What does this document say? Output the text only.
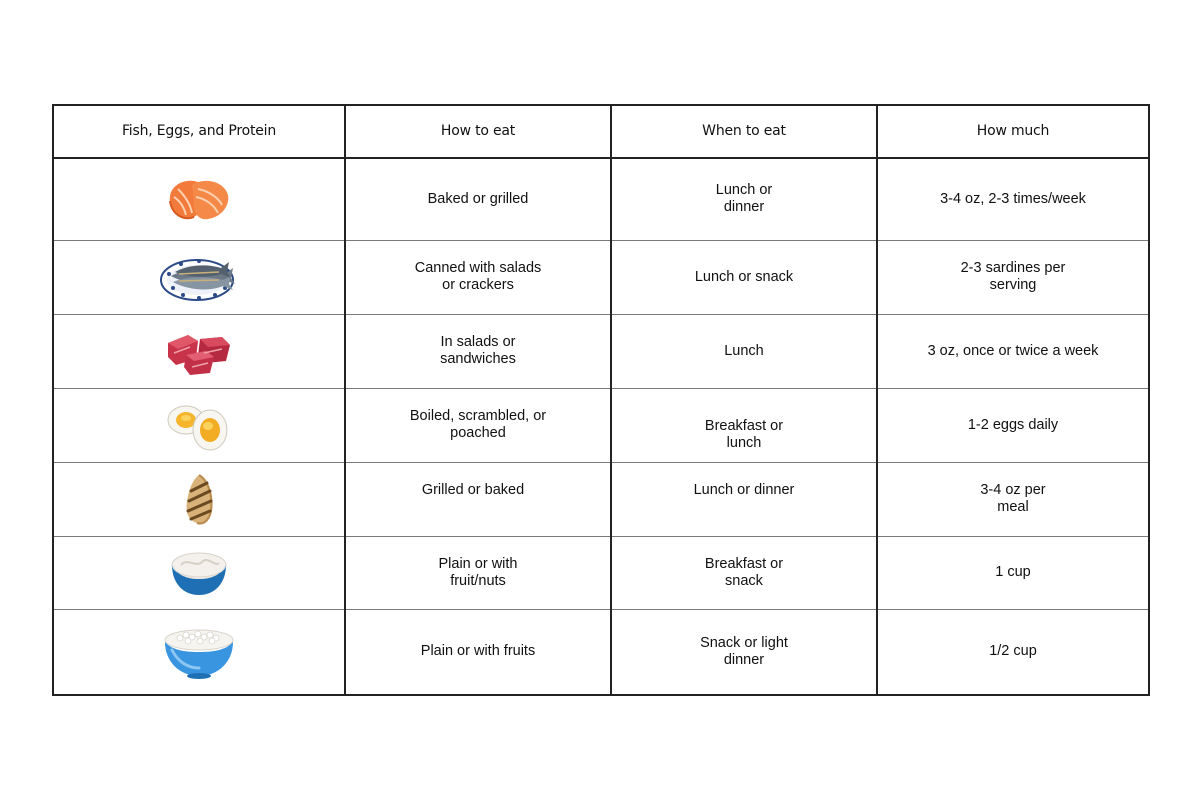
Fish, Eggs, and Protein	How to eat	When to eat	How much

	Baked or grilled	Lunch or
dinner	3-4 oz, 2-3 times/week

	Canned with salads
or crackers	Lunch or snack	2-3 sardines per
serving

	In salads or
sandwiches	Lunch	3 oz, once or twice a week

	Boiled, scrambled, or
poached	Breakfast or
lunch	1-2 eggs daily

	Grilled or baked	Lunch or dinner	3-4 oz per
meal

	Plain or with
fruit/nuts	Breakfast or
snack	1 cup

	Plain or with fruits	Snack or light
dinner	1/2 cup
